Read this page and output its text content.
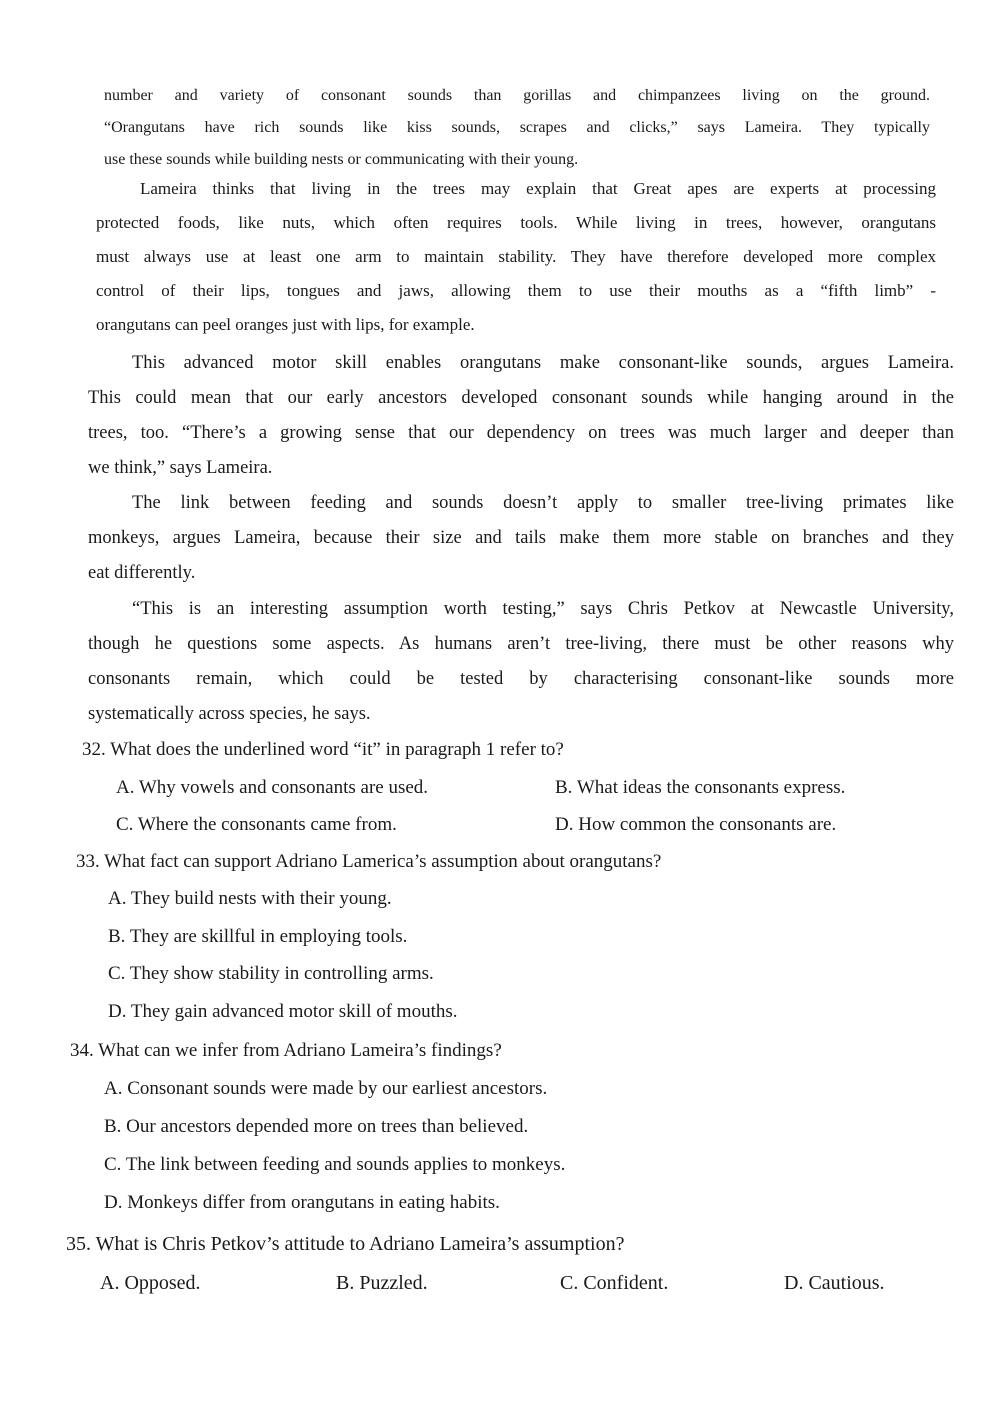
number and variety of consonant sounds than gorillas and chimpanzees living on the ground.
“Orangutans have rich sounds like kiss sounds, scrapes and clicks,” says Lameira. They typically
use these sounds while building nests or communicating with their young.
Lameira thinks that living in the trees may explain that Great apes are experts at processing
protected foods, like nuts, which often requires tools. While living in trees, however, orangutans
must always use at least one arm to maintain stability. They have therefore developed more complex
control of their lips, tongues and jaws, allowing them to use their mouths as a “fifth limb” -
orangutans can peel oranges just with lips, for example.
This advanced motor skill enables orangutans make consonant-like sounds, argues Lameira.
This could mean that our early ancestors developed consonant sounds while hanging around in the
trees, too. “There’s a growing sense that our dependency on trees was much larger and deeper than
we think,” says Lameira.
The link between feeding and sounds doesn’t apply to smaller tree-living primates like
monkeys, argues Lameira, because their size and tails make them more stable on branches and they
eat differently.
“This is an interesting assumption worth testing,” says Chris Petkov at Newcastle University,
though he questions some aspects. As humans aren’t tree-living, there must be other reasons why
consonants remain, which could be tested by characterising consonant-like sounds more
systematically across species, he says.
32. What does the underlined word “it” in paragraph 1 refer to?
A. Why vowels and consonants are used.	B. What ideas the consonants express.
C. Where the consonants came from.	D. How common the consonants are.
33. What fact can support Adriano Lamerica’s assumption about orangutans?
A. They build nests with their young.
B. They are skillful in employing tools.
C. They show stability in controlling arms.
D. They gain advanced motor skill of mouths.
34. What can we infer from Adriano Lameira’s findings?
A. Consonant sounds were made by our earliest ancestors.
B. Our ancestors depended more on trees than believed.
C. The link between feeding and sounds applies to monkeys.
D. Monkeys differ from orangutans in eating habits.
35. What is Chris Petkov’s attitude to Adriano Lameira’s assumption?
A. Opposed.	B. Puzzled.	C. Confident.	D. Cautious.
